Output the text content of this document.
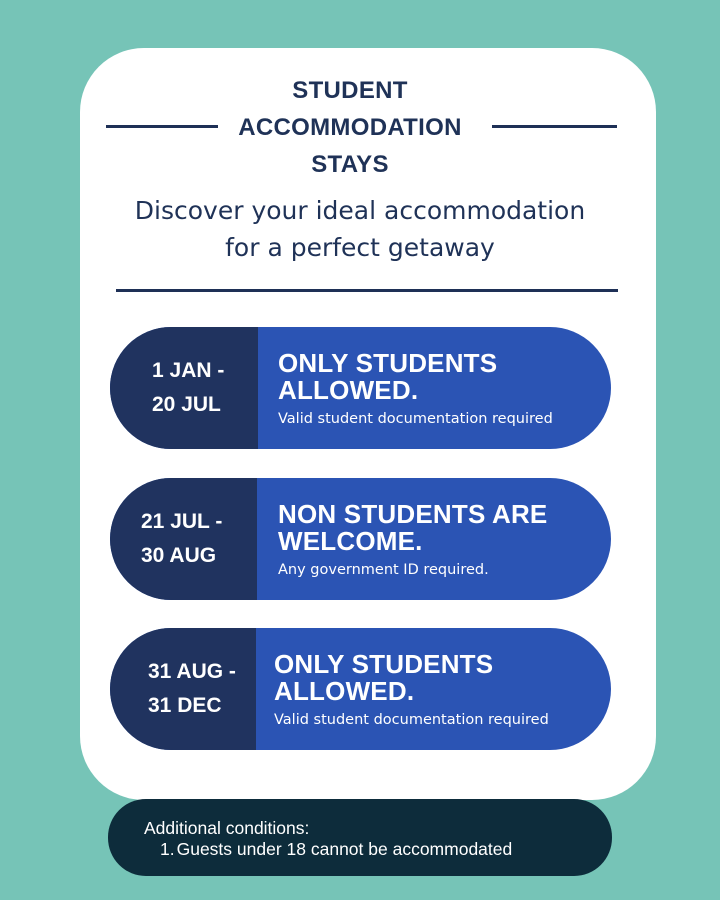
STUDENT
ACCOMMODATION
STAYS
Discover your ideal accommodation
for a perfect getaway
1 JAN -
20 JUL
ONLY STUDENTS
ALLOWED.
Valid student documentation required
21 JUL -
30 AUG
NON STUDENTS ARE
WELCOME.
Any government ID required.
31 AUG -
31 DEC
ONLY STUDENTS
ALLOWED.
Valid student documentation required
Additional conditions:
1. Guests under 18 cannot be accommodated
